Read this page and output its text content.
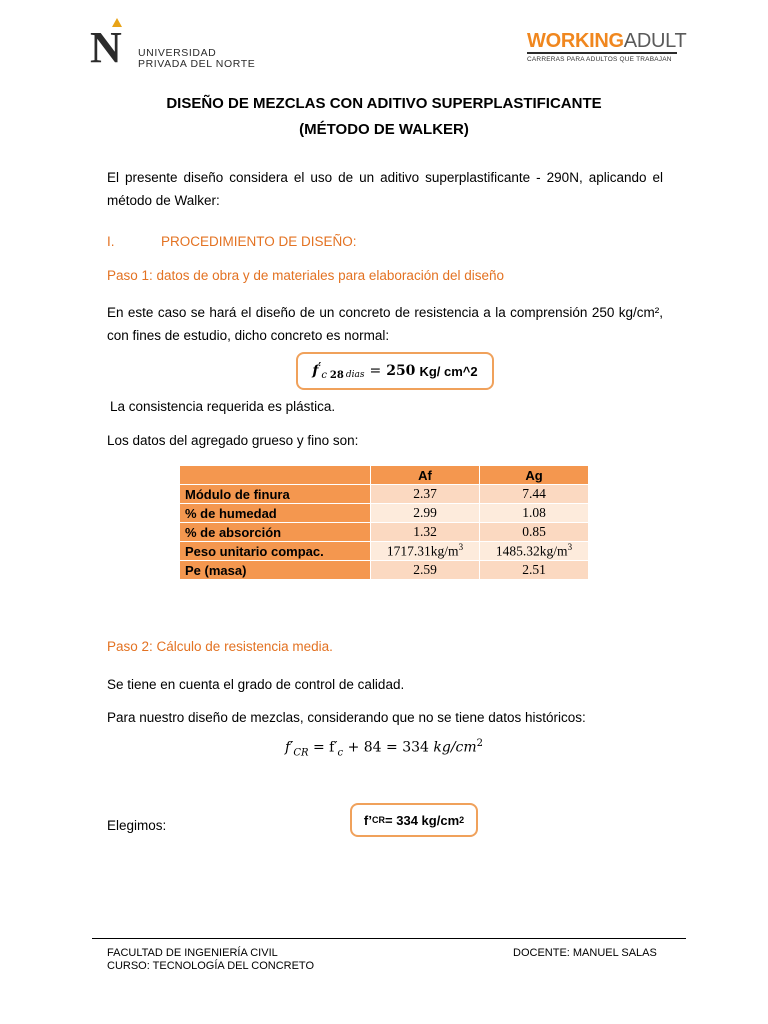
N UNIVERSIDAD
PRIVADA DEL NORTE
WORKINGADULT
CARRERAS PARA ADULTOS QUE TRABAJAN
DISEÑO DE MEZCLAS CON ADITIVO SUPERPLASTIFICANTE
(MÉTODO DE WALKER)
El presente diseño considera el uso de un aditivo superplastificante - 290N, aplicando el método de Walker:
I.	PROCEDIMIENTO DE DISEÑO:
Paso 1: datos de obra y de materiales para elaboración del diseño
En este caso se hará el diseño de un concreto de resistencia a la comprensión 250 kg/cm², con fines de estudio, dicho concreto es normal:
f ′
c 28 dias = 250 Kg/ cm^2
La consistencia requerida es plástica.
Los datos del agregado grueso y fino son:
	Af	Ag
Módulo de finura	2.37	7.44
% de humedad	2.99	1.08
% de absorción	1.32	0.85
Peso unitario compac.	$1717.31kg/m^3$	$1485.32kg/m^3$
Pe (masa)	2.59	2.51
Paso 2: Cálculo de resistencia media.
Se tiene en cuenta el grado de control de calidad.
Para nuestro diseño de mezclas, considerando que no se tiene datos históricos:
$f'_{CR} = f'_c + 84 = 334$ $kg/cm^2$
Elegimos:	f’ CR = 334 kg/cm 2
FACULTAD DE INGENIERÍA CIVIL
CURSO: TECNOLOGÍA DEL CONCRETO
DOCENTE: MANUEL SALAS
